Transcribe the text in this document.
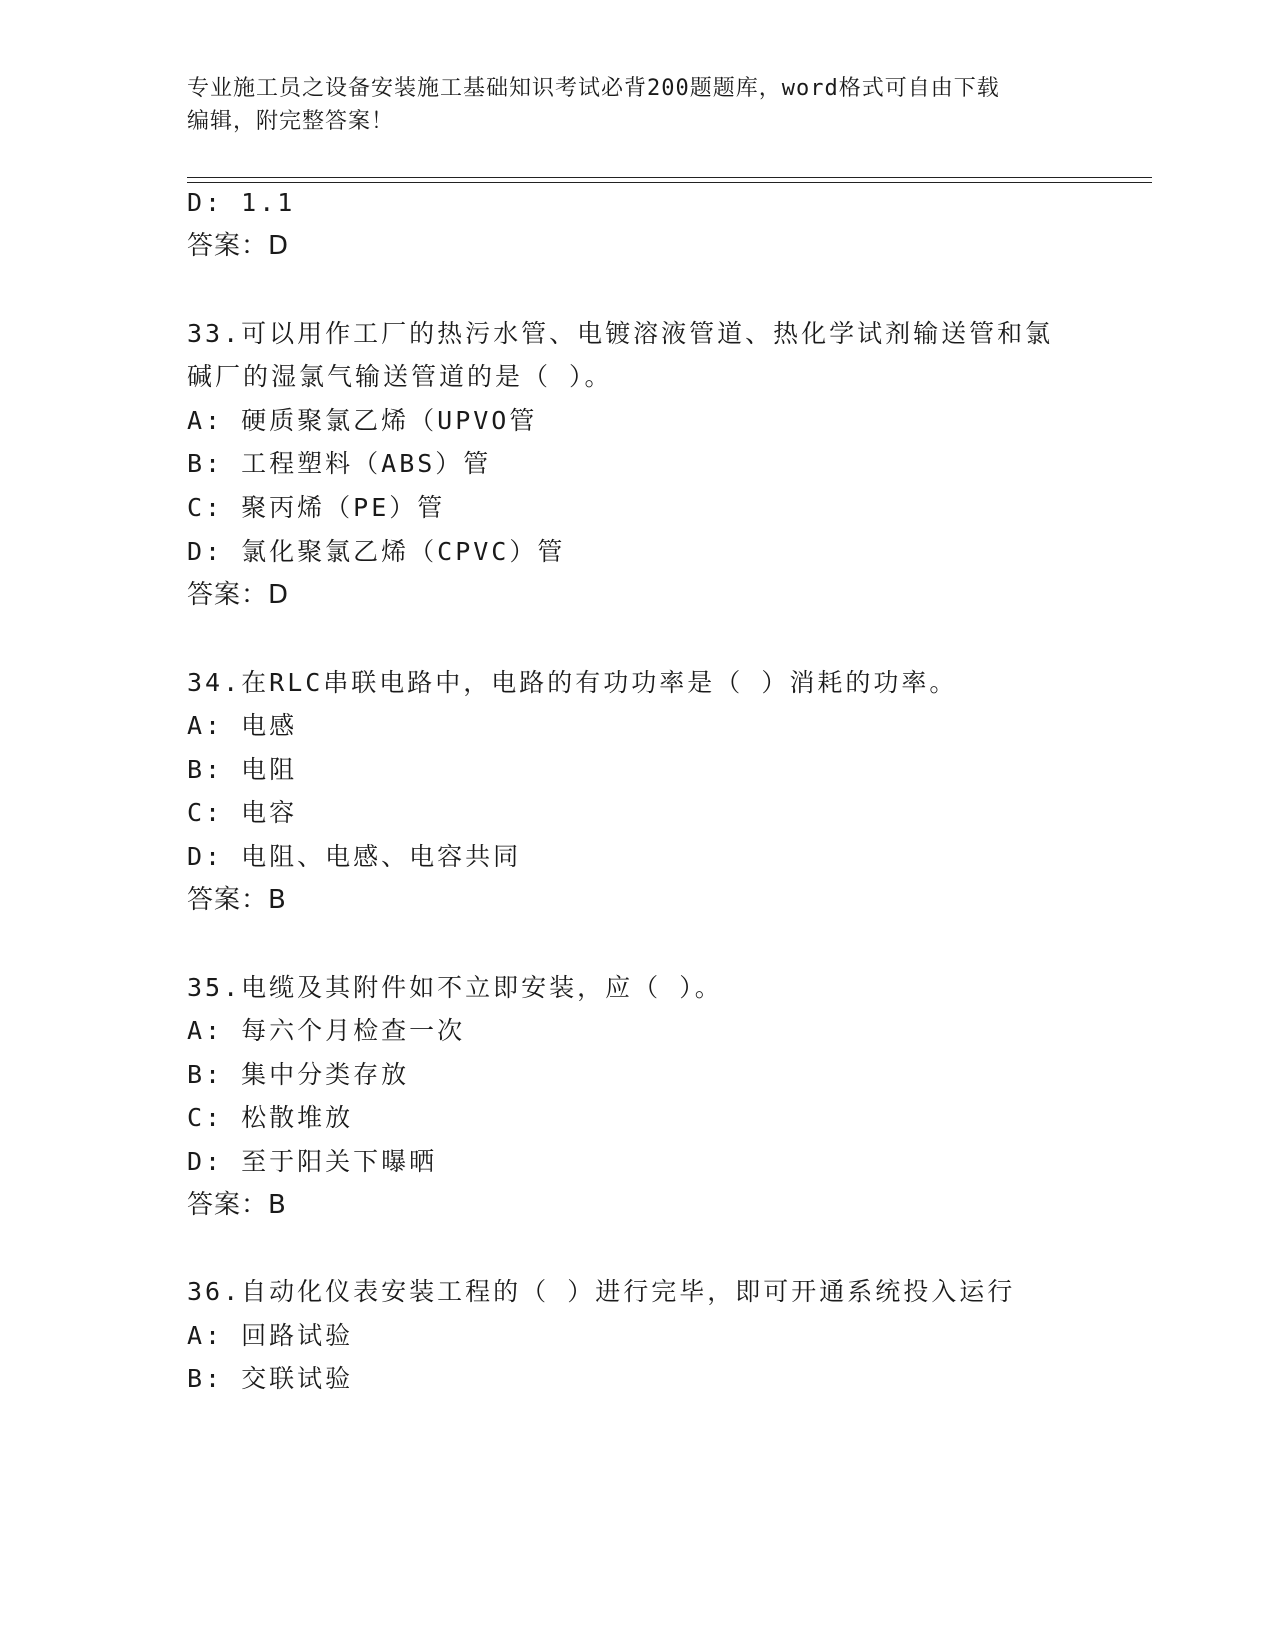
专业施工员之设备安装施工基础知识考试必背200题题库，word格式可自由下载
编辑，附完整答案！
D: 1.1
答案：D
33.可以用作工厂的热污水管、电镀溶液管道、热化学试剂输送管和氯
碱厂的湿氯气输送管道的是（ ）。
A: 硬质聚氯乙烯（UPVO管
B: 工程塑料（ABS）管
C: 聚丙烯（PE）管
D: 氯化聚氯乙烯（CPVC）管
答案：D
34.在RLC串联电路中，电路的有功功率是（ ）消耗的功率。
A: 电感
B: 电阻
C: 电容
D: 电阻、电感、电容共同
答案：B
35.电缆及其附件如不立即安装，应（ ）。
A: 每六个月检查一次
B: 集中分类存放
C: 松散堆放
D: 至于阳关下曝晒
答案：B
36.自动化仪表安装工程的（ ）进行完毕，即可开通系统投入运行
A: 回路试验
B: 交联试验
